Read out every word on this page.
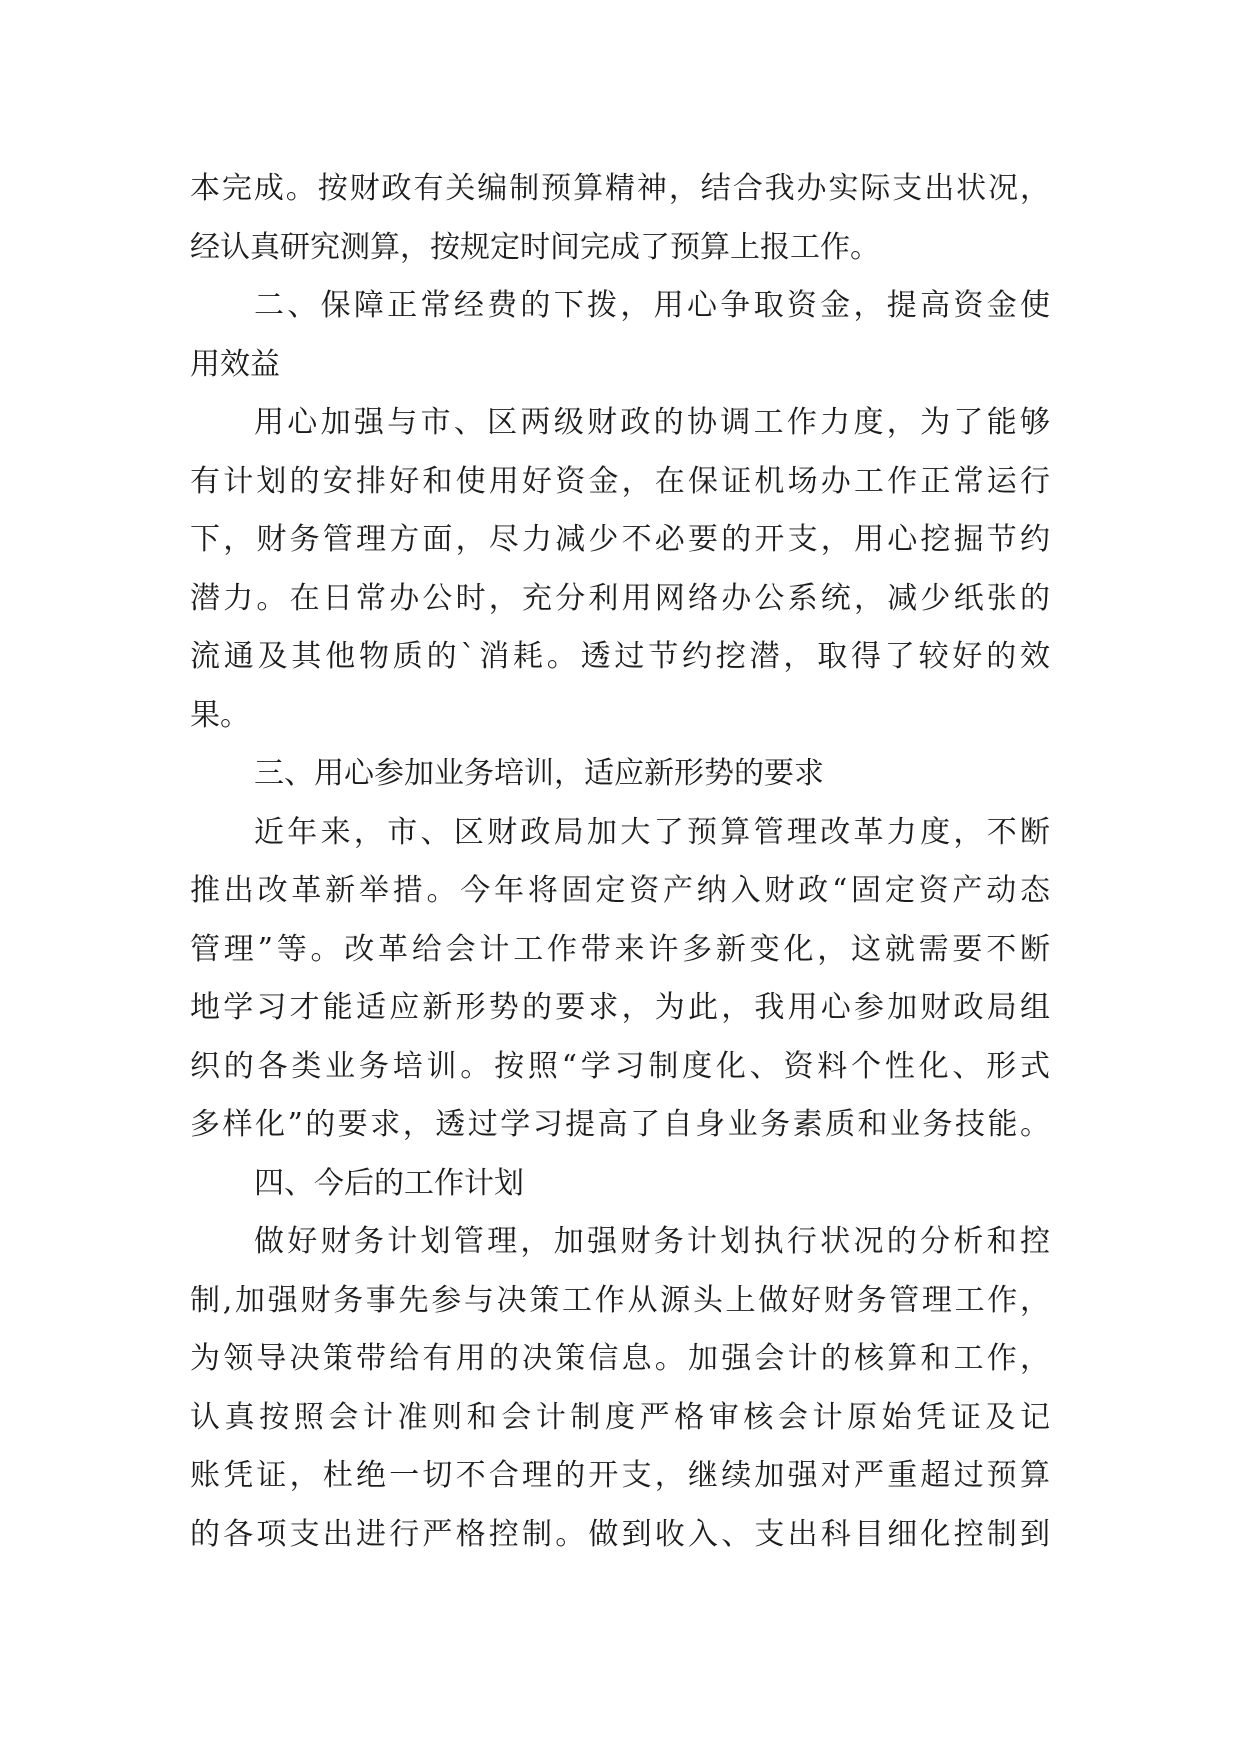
本完成。按财政有关编制预算精神，结合我办实际支出状况，
经认真研究测算，按规定时间完成了预算上报工作。
二、保障正常经费的下拨，用心争取资金，提高资金使
用效益
用心加强与市、区两级财政的协调工作力度，为了能够
有计划的安排好和使用好资金，在保证机场办工作正常运行
下，财务管理方面，尽力减少不必要的开支，用心挖掘节约
潜力。在日常办公时，充分利用网络办公系统，减少纸张的
流通及其他物质的`消耗。透过节约挖潜，取得了较好的效
果。
三、用心参加业务培训，适应新形势的要求
近年来，市、区财政局加大了预算管理改革力度，不断
推出改革新举措。今年将固定资产纳入财政“固定资产动态
管理”等。改革给会计工作带来许多新变化，这就需要不断
地学习才能适应新形势的要求，为此，我用心参加财政局组
织的各类业务培训。按照“学习制度化、资料个性化、形式
多样化”的要求，透过学习提高了自身业务素质和业务技能。
四、今后的工作计划
做好财务计划管理，加强财务计划执行状况的分析和控
制,加强财务事先参与决策工作从源头上做好财务管理工作，
为领导决策带给有用的决策信息。加强会计的核算和工作，
认真按照会计准则和会计制度严格审核会计原始凭证及记
账凭证，杜绝一切不合理的开支，继续加强对严重超过预算
的各项支出进行严格控制。做到收入、支出科目细化控制到
